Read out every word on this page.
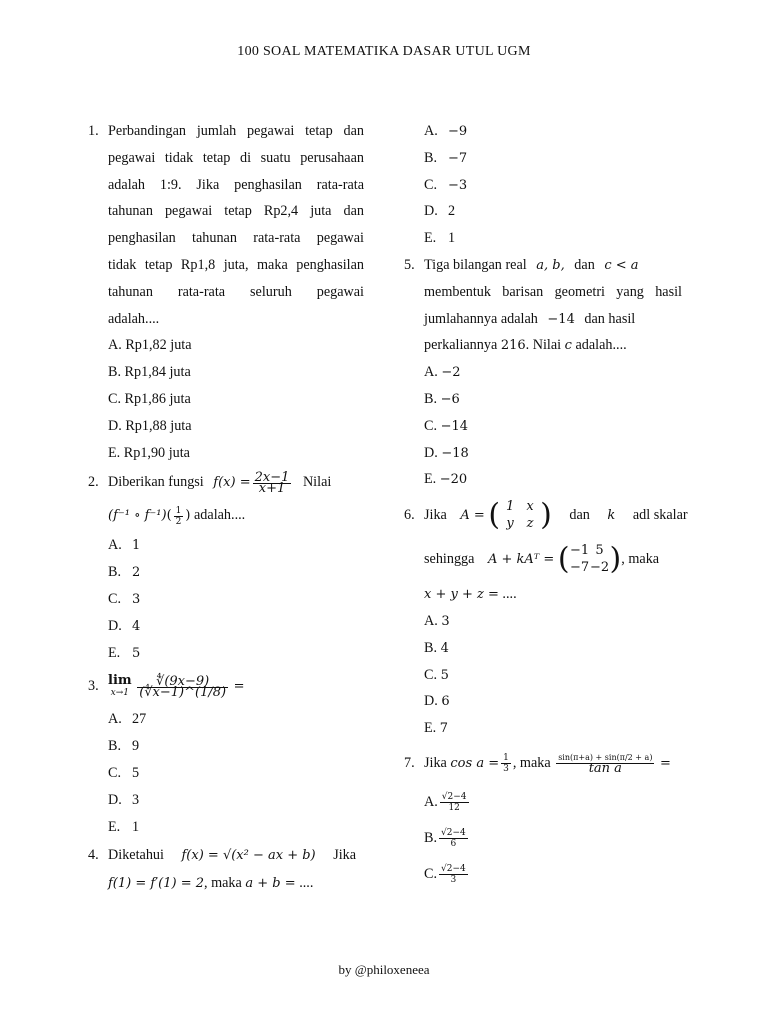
100 SOAL MATEMATIKA DASAR UTUL UGM
1. Perbandingan jumlah pegawai tetap dan
pegawai tidak tetap di suatu perusahaan
adalah 1:9. Jika penghasilan rata-rata
tahunan pegawai tetap Rp2,4 juta dan
penghasilan tahunan rata-rata pegawai
tidak tetap Rp1,8 juta, maka penghasilan
tahunan rata-rata seluruh pegawai
adalah....
A. Rp1,82 juta
B. Rp1,84 juta
C. Rp1,86 juta
D. Rp1,88 juta
E. Rp1,90 juta
2. Diberikan fungsi $f(x) = \frac{2x-1}{x+1}$ Nilai
(f⁻¹ ∘ $f^{-1})( \frac{1}{2}$ ) adalah....
A. 1
B. 2
C. 3
D. 4
E. 5
3. lim
x→1
$\frac{∜(9x-9)}{(∜x-1)\^{}(1/8)}$ =
A. 27
B. 9
C. 5
D. 3
E. 1
4. Diketahui f(x) = √(x² − ax + b) Jika
f(1) = f′(1) = 2, maka a + b = ....
A. −9
B. −7
C. −3
D. 2
E. 1
5. Tiga bilangan real a, b, dan c < a
membentuk barisan geometri yang hasil
jumlahannya adalah −14 dan hasil
perkaliannya 216. Nilai c adalah....
A. −2
B. −6
C. −14
D. −18
E. −20
6. Jika A = ( 1 x
y z ) dan k adl skalar
sehingga A + kAᵀ = (−1 5
−7−2), maka
x + y + z = ....
A. 3
B. 4
C. 5
D. 6
E. 7
7. Jika $\cos a = \frac{1}{3}$ , maka $\frac{\sin(\pi+a) + \sin(\pi/2 + a)}{\text{tan a}}$ =
A. $\frac{√2-4}{12}$
B. $\frac{√2-4}{6}$
C. $\frac{√2-4}{3}$
by @philoxeneea
